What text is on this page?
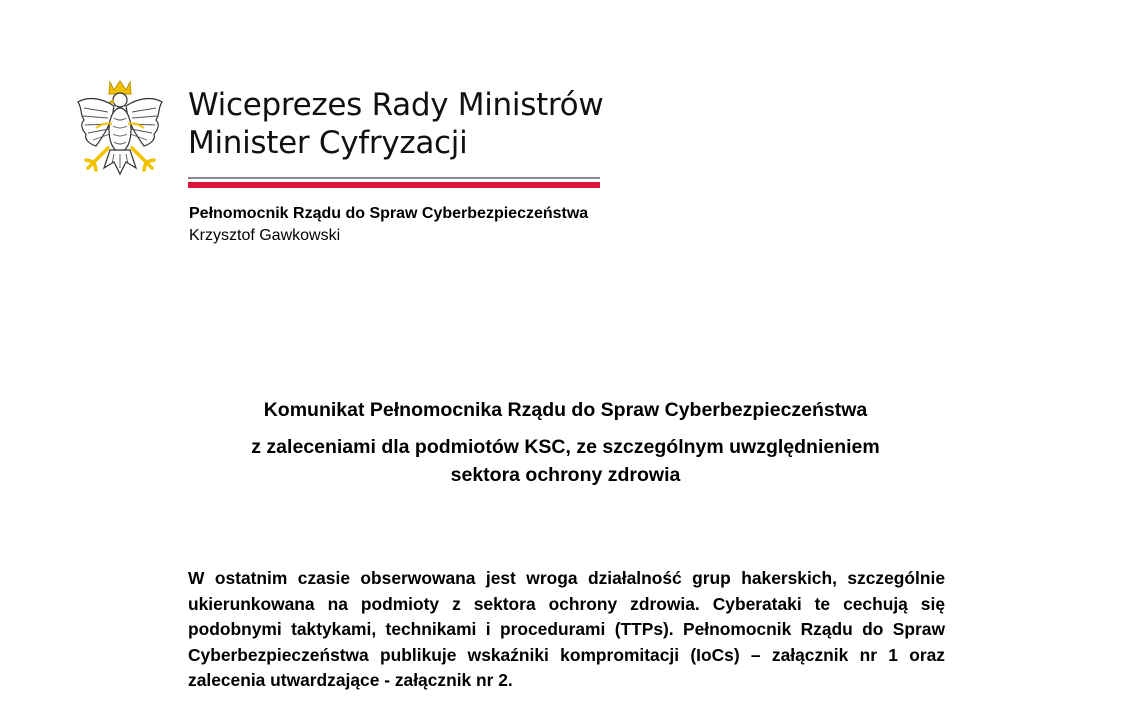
Wiceprezes Rady Ministrów
Minister Cyfryzacji
Pełnomocnik Rządu do Spraw Cyberbezpieczeństwa
Krzysztof Gawkowski
Komunikat Pełnomocnika Rządu do Spraw Cyberbezpieczeństwa
z zaleceniami dla podmiotów KSC, ze szczególnym uwzględnieniem
sektora ochrony zdrowia
W ostatnim czasie obserwowana jest wroga działalność grup hakerskich, szczególnie ukierunkowana na podmioty z sektora ochrony zdrowia. Cyberataki te cechują się podobnymi taktykami, technikami i procedurami (TTPs). Pełnomocnik Rządu do Spraw Cyberbezpieczeństwa publikuje wskaźniki kompromitacji (IoCs) – załącznik nr 1 oraz zalecenia utwardzające - załącznik nr 2.
